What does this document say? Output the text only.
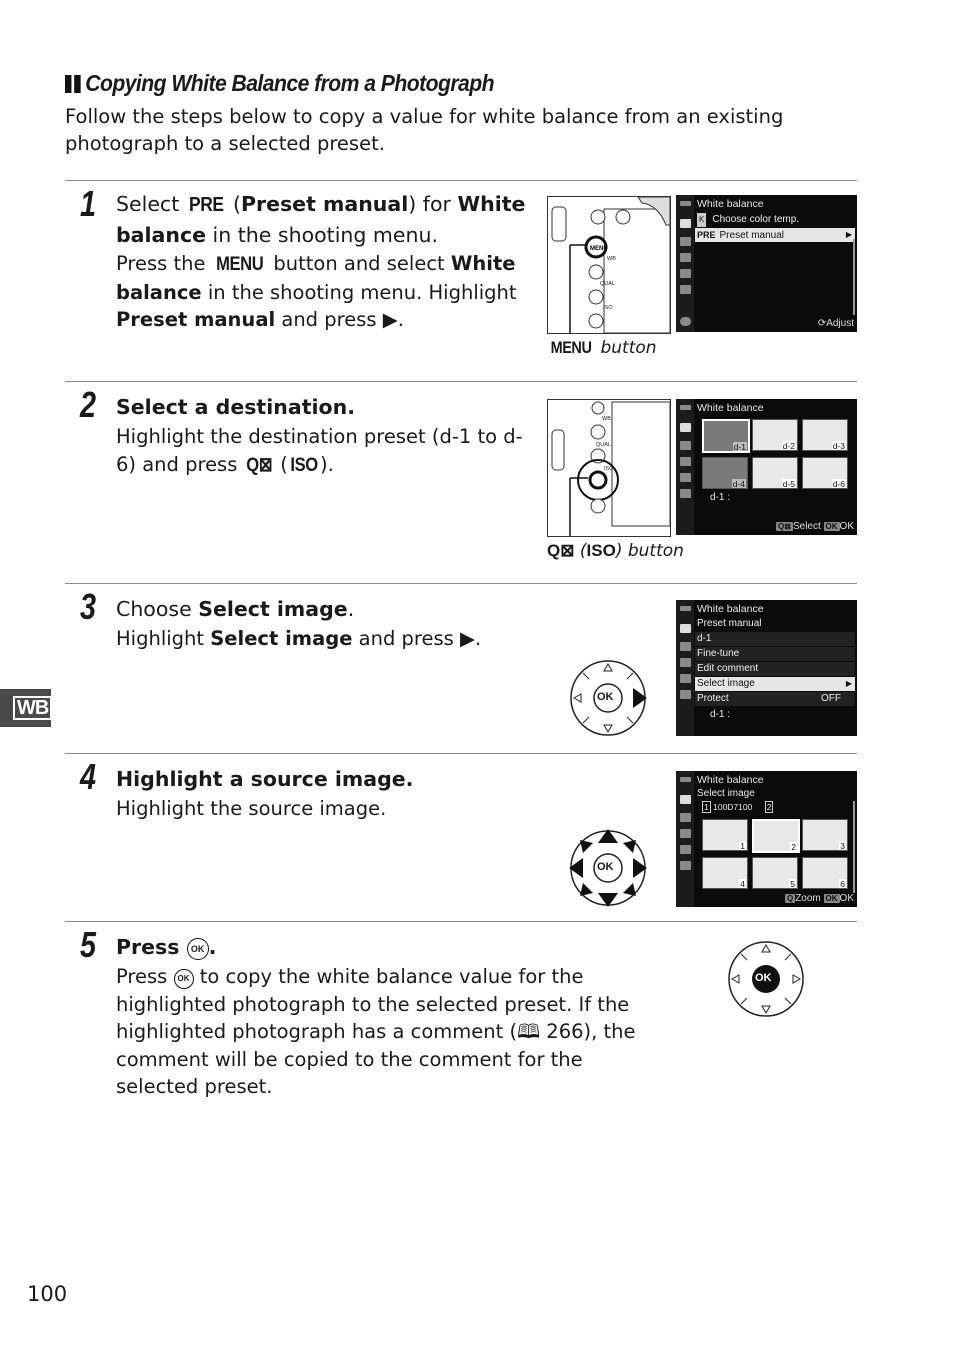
Copying White Balance from a Photograph
Follow the steps below to copy a value for white balance from an existing photograph to a selected preset.
1 Select PRE (Preset manual) for White balance in the shooting menu.
Press the MENU button and select White balance in the shooting menu. Highlight Preset manual and press ▶.
MENU
WB
QUAL
ISO
MENU button
White balance
K Choose color temp.
PRE Preset manual	▶
⟳Adjust
2 Select a destination.
Highlight the destination preset (d-1 to d-6) and press Q⊠ ( ISO ).
WB
QUAL
ISO
Q⊠ (ISO) button
White balance
d-1	d-2	d-3
d-4	d-5	d-6
d-1 :
Q⊠ Select OK OK
3 Choose Select image.
Highlight Select image and press ▶.
OK
White balance
Preset manual
d-1
Fine-tune
Edit comment
Select image	▶
Protect	OFF
d-1 :
4 Highlight a source image.
Highlight the source image.
OK
White balance
Select image
1 100D7100 2
1	2	3
4	5	6
Q Zoom OK OK
5 Press OK .
Press OK to copy the white balance value for the highlighted photograph to the selected preset. If the highlighted photograph has a comment (🕮 266), the comment will be copied to the comment for the selected preset.
OK
WB
100
